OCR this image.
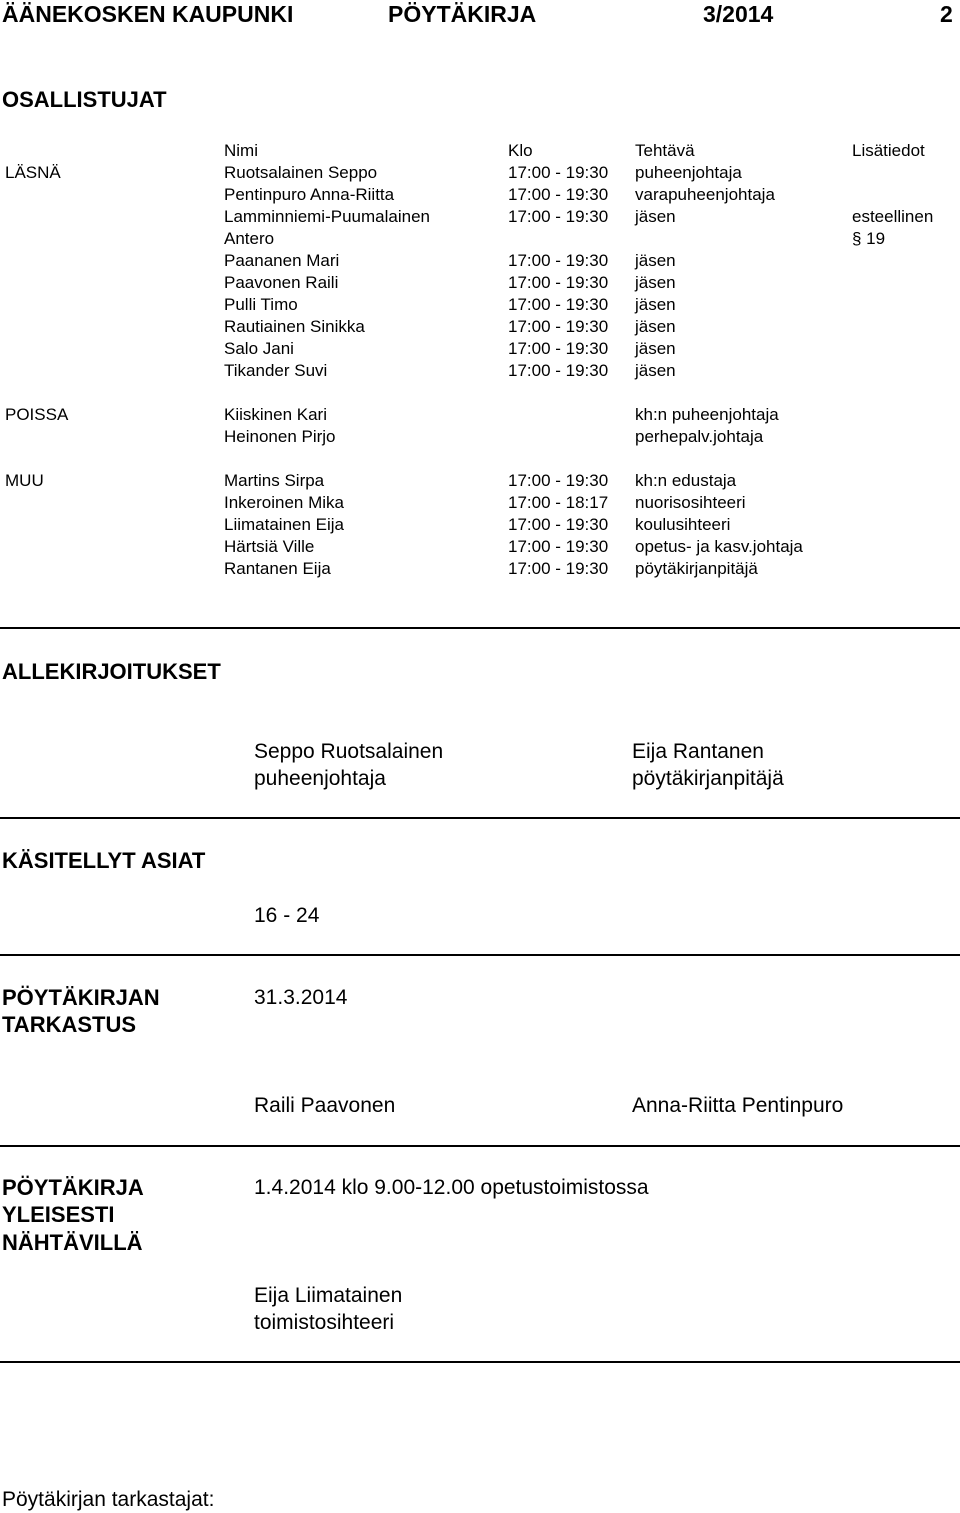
ÄÄNEKOSKEN KAUPUNKI	PÖYTÄKIRJA	3/2014	2
OSALLISTUJAT
Nimi	Klo	Tehtävä	Lisätiedot
LÄSNÄ	Ruotsalainen Seppo	17:00 - 19:30 puheenjohtaja
Pentinpuro Anna-Riitta	17:00 - 19:30 varapuheenjohtaja
Lamminniemi-Puumalainen	17:00 - 19:30 jäsen	esteellinen
Antero	§ 19
Paananen Mari	17:00 - 19:30 jäsen
Paavonen Raili	17:00 - 19:30 jäsen
Pulli Timo	17:00 - 19:30 jäsen
Rautiainen Sinikka	17:00 - 19:30 jäsen
Salo Jani	17:00 - 19:30 jäsen
Tikander Suvi	17:00 - 19:30 jäsen
POISSA	Kiiskinen Kari	kh:n puheenjohtaja
Heinonen Pirjo	perhepalv.johtaja
MUU	Martins Sirpa	17:00 - 19:30 kh:n edustaja
Inkeroinen Mika	17:00 - 18:17 nuorisosihteeri
Liimatainen Eija	17:00 - 19:30 koulusihteeri
Härtsiä Ville	17:00 - 19:30 opetus- ja kasv.johtaja
Rantanen Eija	17:00 - 19:30 pöytäkirjanpitäjä
ALLEKIRJOITUKSET
Seppo Ruotsalainen
puheenjohtaja
Eija Rantanen
pöytäkirjanpitäjä
KÄSITELLYT ASIAT
16 - 24
PÖYTÄKIRJAN
TARKASTUS
31.3.2014
Raili Paavonen	Anna-Riitta Pentinpuro
PÖYTÄKIRJA
YLEISESTI
NÄHTÄVILLÄ
1.4.2014 klo 9.00-12.00 opetustoimistossa
Eija Liimatainen
toimistosihteeri
Pöytäkirjan tarkastajat:
